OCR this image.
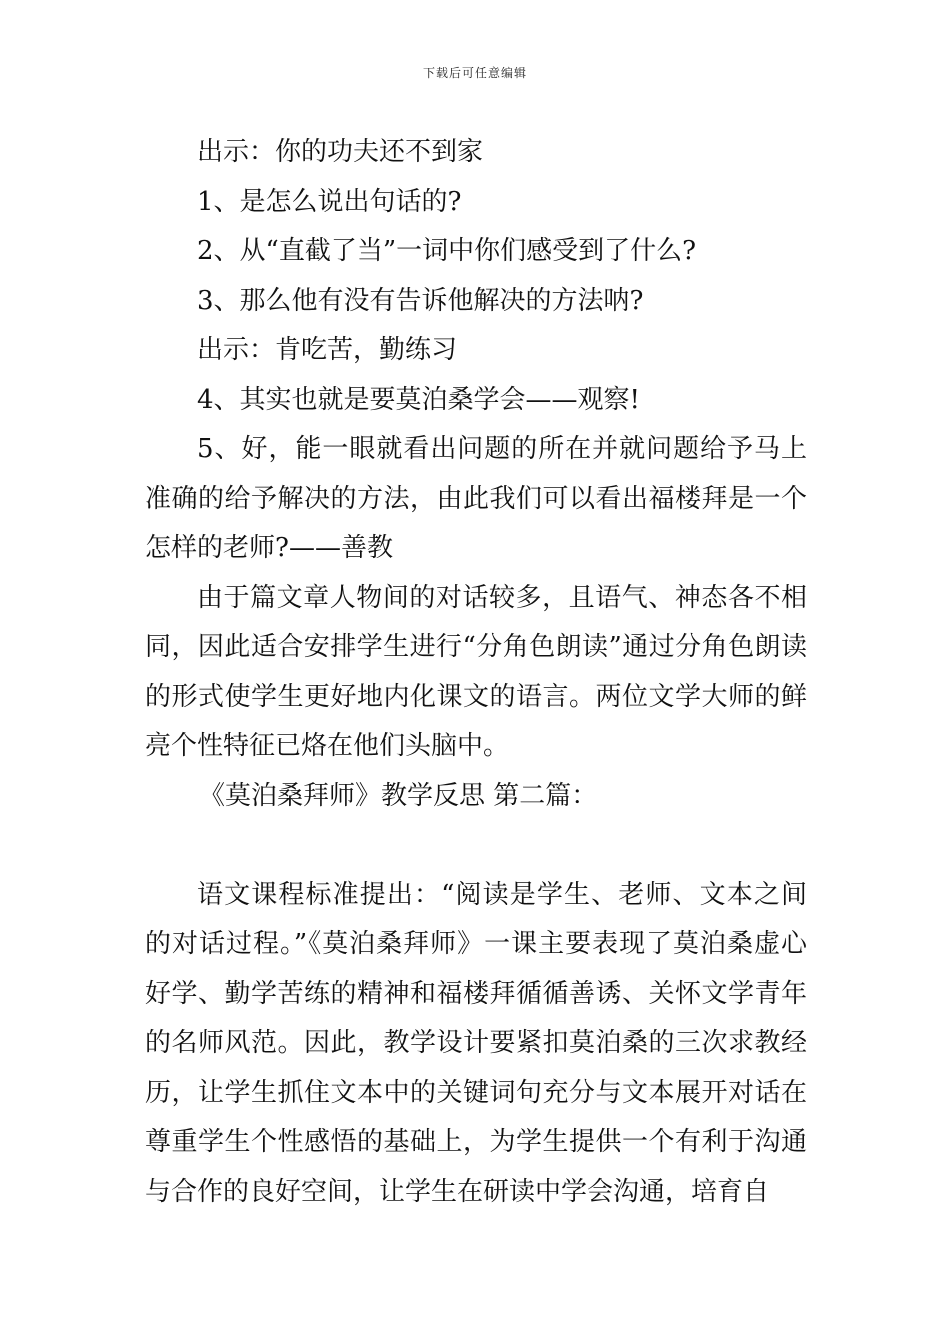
下载后可任意编辑

出示：你的功夫还不到家

1、是怎么说出句话的?

2、从“直截了当”一词中你们感受到了什么?

3、那么他有没有告诉他解决的方法呐?

出示：肯吃苦，勤练习

4、其实也就是要莫泊桑学会——观察!

5、好，能一眼就看出问题的所在并就问题给予马上准确的给予解决的方法，由此我们可以看出福楼拜是一个怎样的老师?——善教

由于篇文章人物间的对话较多，且语气、神态各不相同，因此适合安排学生进行“分角色朗读”通过分角色朗读的形式使学生更好地内化课文的语言。两位文学大师的鲜亮个性特征已烙在他们头脑中。

《莫泊桑拜师》教学反思 第二篇：

语文课程标准提出：“阅读是学生、老师、文本之间的对话过程。”《莫泊桑拜师》一课主要表现了莫泊桑虚心好学、勤学苦练的精神和福楼拜循循善诱、关怀文学青年的名师风范。因此，教学设计要紧扣莫泊桑的三次求教经历，让学生抓住文本中的关键词句充分与文本展开对话在尊重学生个性感悟的基础上，为学生提供一个有利于沟通与合作的良好空间，让学生在研读中学会沟通，培育自
